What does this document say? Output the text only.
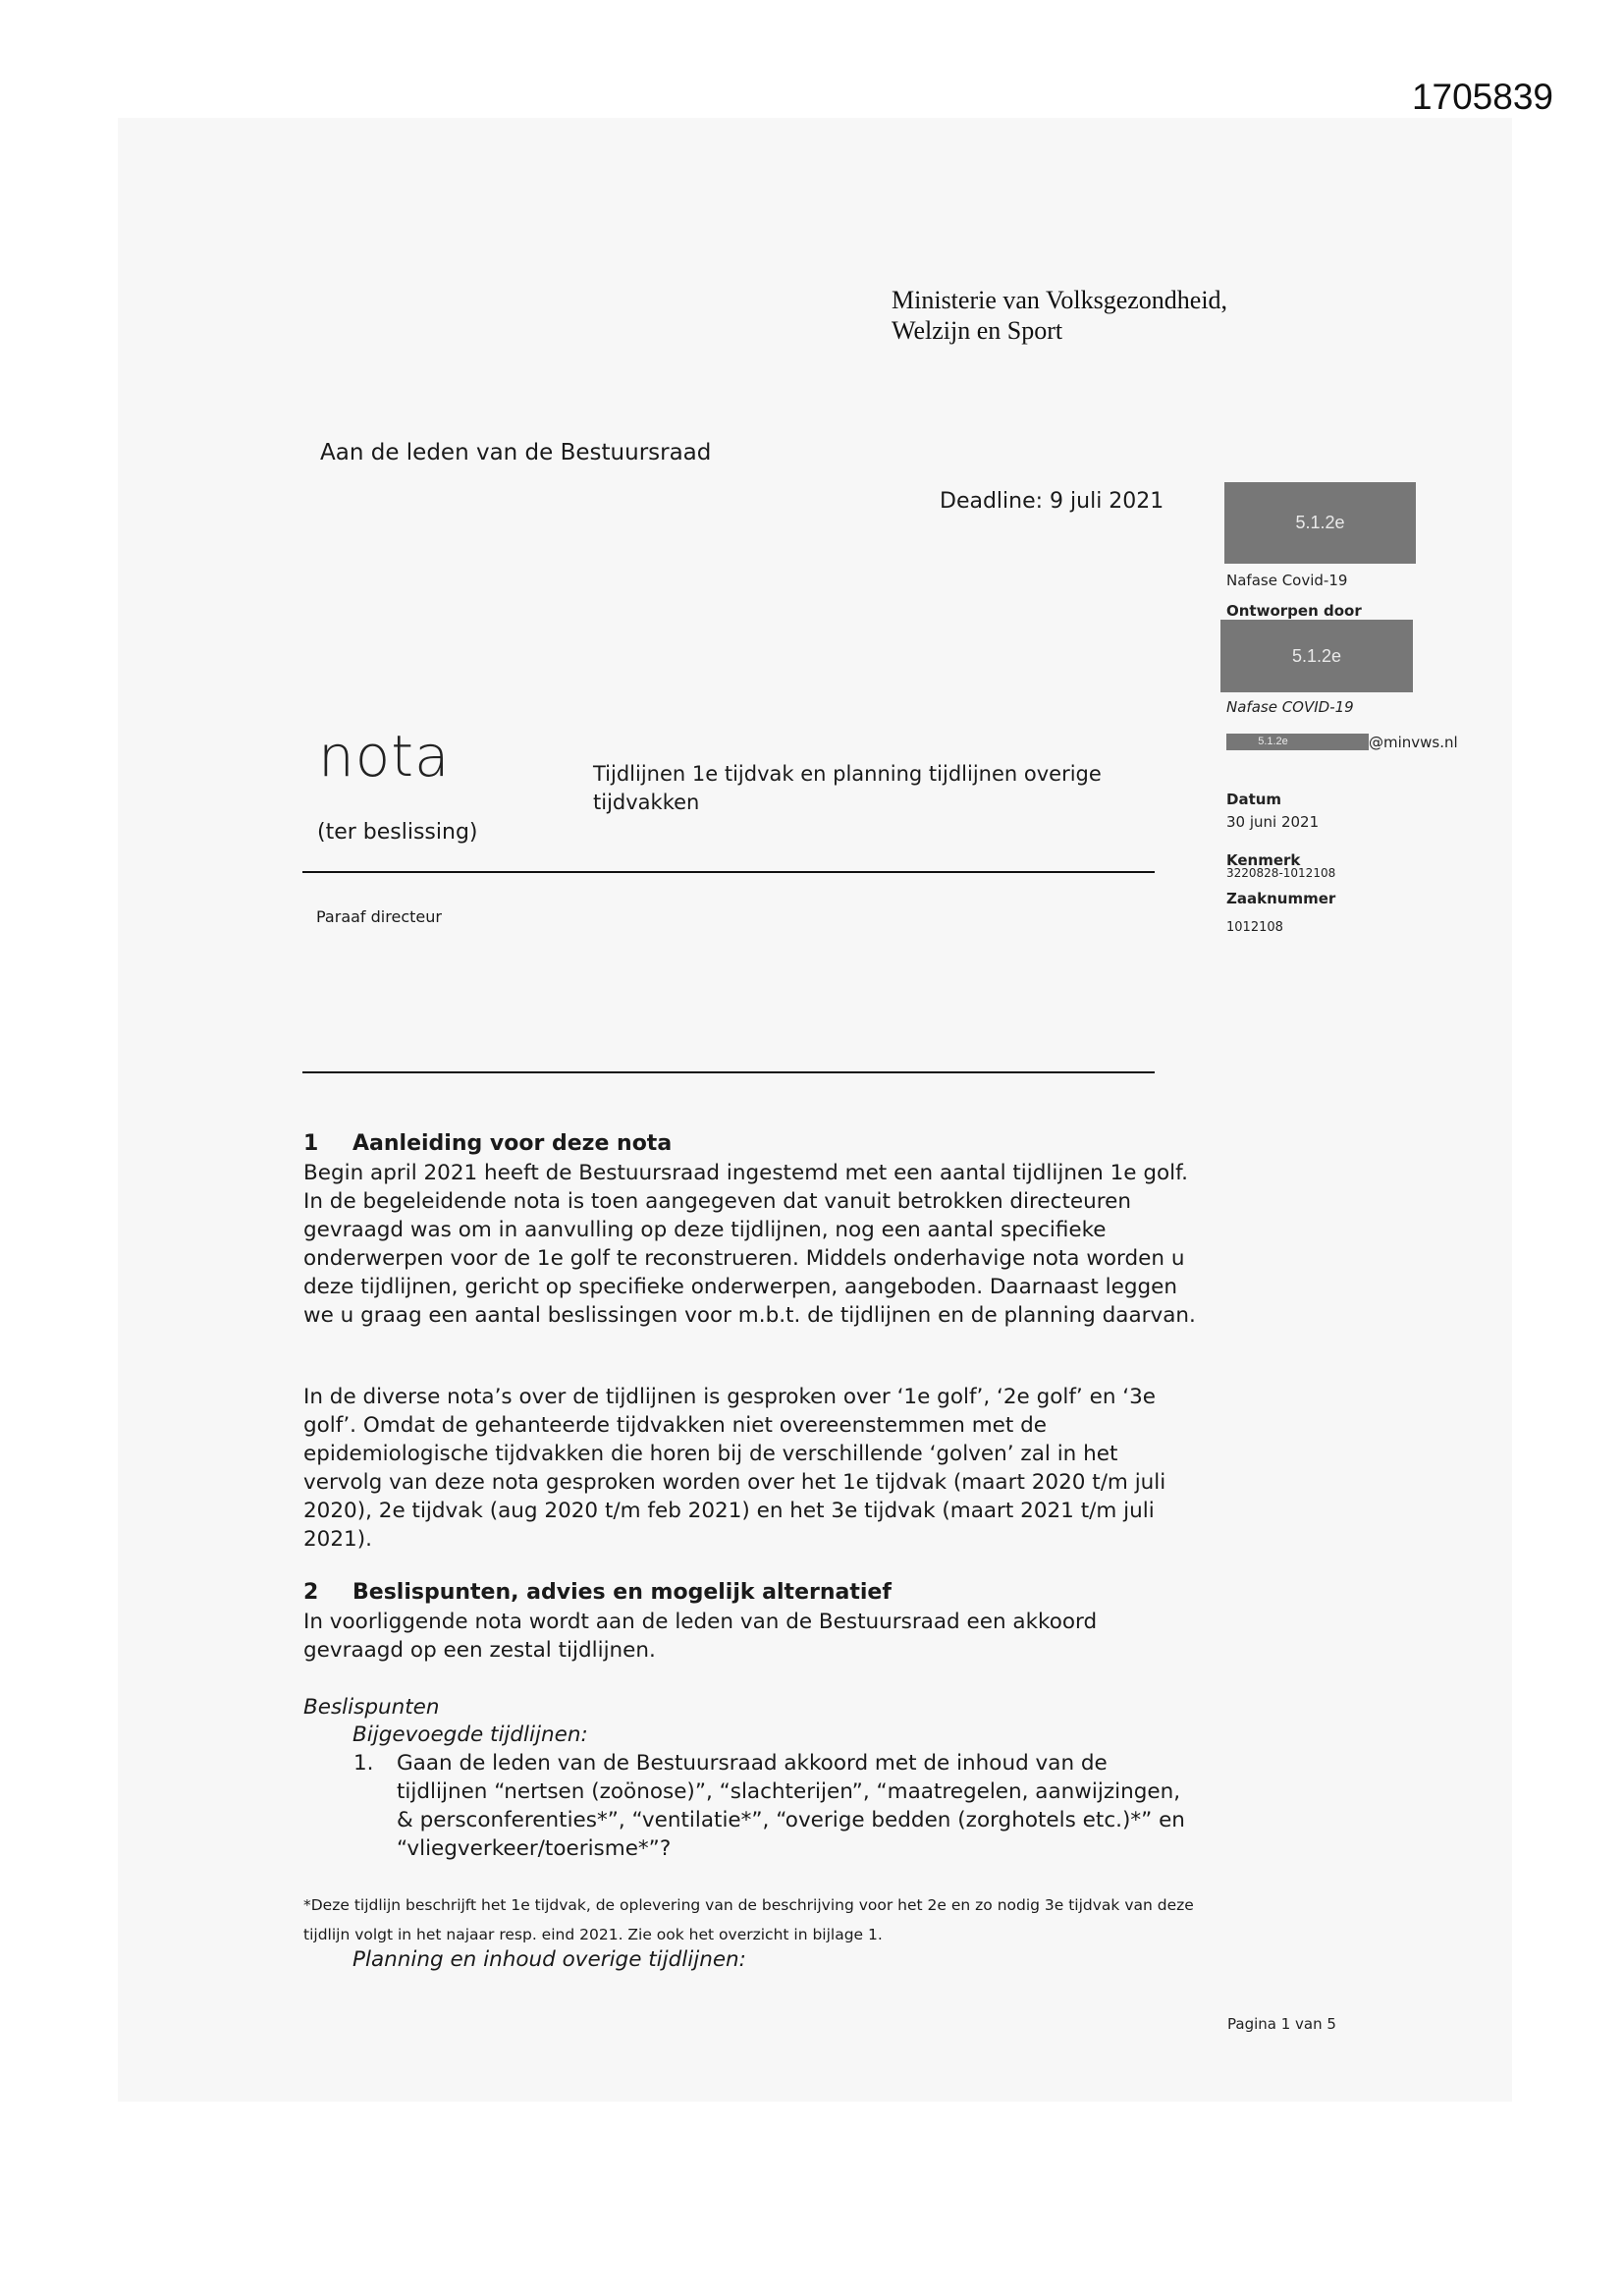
1705839
Ministerie van Volksgezondheid,
Welzijn en Sport
Aan de leden van de Bestuursraad
Deadline: 9 juli 2021
nota
(ter beslissing)
Tijdlijnen 1e tijdvak en planning tijdlijnen overige tijdvakken
Paraaf directeur
5.1.2e
Nafase Covid-19
Ontworpen door
5.1.2e
Nafase COVID-19
5.1.2e	@minvws.nl
Datum
30 juni 2021
Kenmerk
3220828-1012108
Zaaknummer
1012108
1 Aanleiding voor deze nota
Begin april 2021 heeft de Bestuursraad ingestemd met een aantal tijdlijnen 1e golf. In de begeleidende nota is toen aangegeven dat vanuit betrokken directeuren gevraagd was om in aanvulling op deze tijdlijnen, nog een aantal specifieke onderwerpen voor de 1e golf te reconstrueren. Middels onderhavige nota worden u deze tijdlijnen, gericht op specifieke onderwerpen, aangeboden. Daarnaast leggen we u graag een aantal beslissingen voor m.b.t. de tijdlijnen en de planning daarvan.
In de diverse nota’s over de tijdlijnen is gesproken over ‘1e golf’, ‘2e golf’ en ‘3e golf’. Omdat de gehanteerde tijdvakken niet overeenstemmen met de epidemiologische tijdvakken die horen bij de verschillende ‘golven’ zal in het vervolg van deze nota gesproken worden over het 1e tijdvak (maart 2020 t/m juli 2020), 2e tijdvak (aug 2020 t/m feb 2021) en het 3e tijdvak (maart 2021 t/m juli 2021).
2 Beslispunten, advies en mogelijk alternatief
In voorliggende nota wordt aan de leden van de Bestuursraad een akkoord gevraagd op een zestal tijdlijnen.
Beslispunten
Bijgevoegde tijdlijnen:
1. Gaan de leden van de Bestuursraad akkoord met de inhoud van de tijdlijnen “nertsen (zoönose)”, “slachterijen”, “maatregelen, aanwijzingen, & persconferenties*”, “ventilatie*”, “overige bedden (zorghotels etc.)*” en “vliegverkeer/toerisme*”?
*Deze tijdlijn beschrijft het 1e tijdvak, de oplevering van de beschrijving voor het 2e en zo nodig 3e tijdvak van deze tijdlijn volgt in het najaar resp. eind 2021. Zie ook het overzicht in bijlage 1.
Planning en inhoud overige tijdlijnen:
Pagina 1 van 5
